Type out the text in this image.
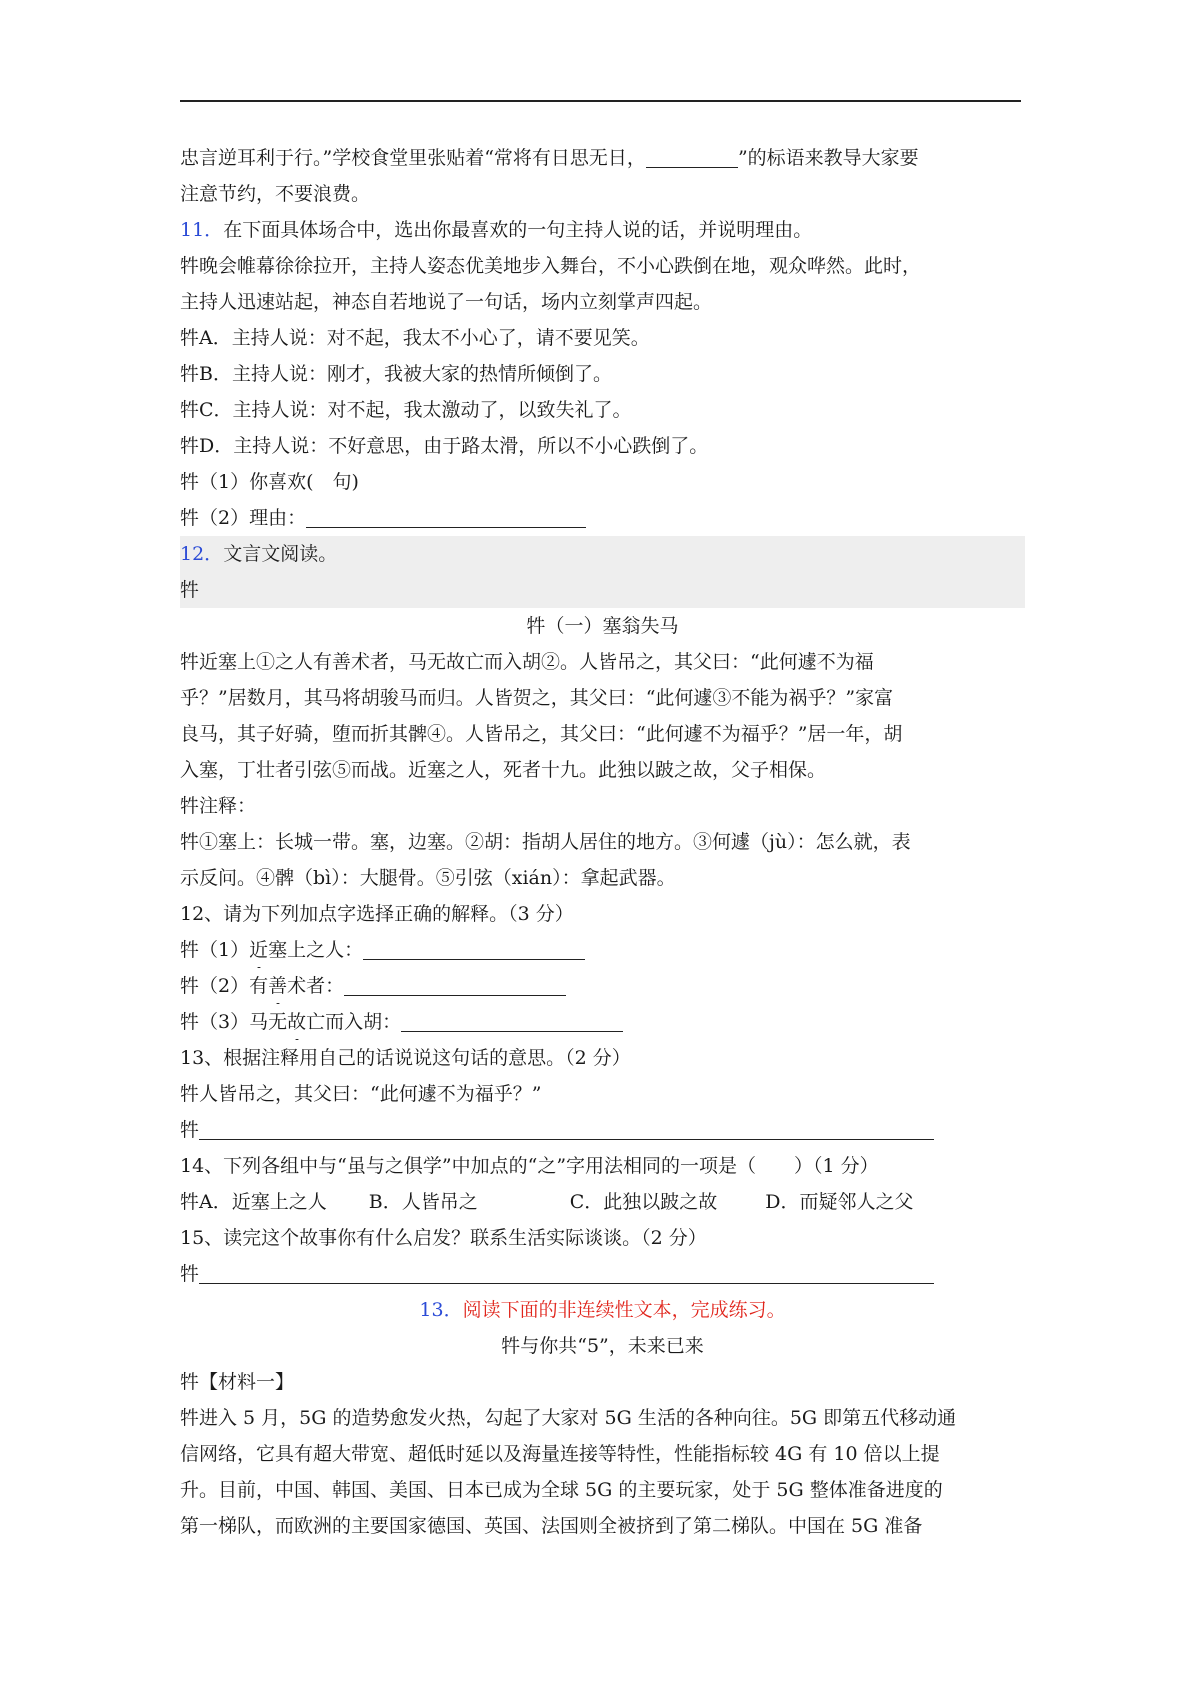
忠言逆耳利于行。”学校食堂里张贴着“常将有日思无日，	”的标语来教导大家要
注意节约，不要浪费。
11．在下面具体场合中，选出你最喜欢的一句主持人说的话，并说明理由。
牪晚会帷幕徐徐拉开，主持人姿态优美地步入舞台，不小心跌倒在地，观众哗然。此时，
主持人迅速站起，神态自若地说了一句话，场内立刻掌声四起。
牪A．主持人说：对不起，我太不小心了，请不要见笑。
牪B．主持人说：刚才，我被大家的热情所倾倒了。
牪C．主持人说：对不起，我太激动了，以致失礼了。
牪D．主持人说：不好意思，由于路太滑，所以不小心跌倒了。
牪（1）你喜欢(　句)
牪（2）理由：
12．文言文阅读。
牪
牪（一）塞翁失马
牪近塞上①之人有善术者，马无故亡而入胡②。人皆吊之，其父曰：“此何遽不为福
乎？”居数月，其马将胡骏马而归。人皆贺之，其父曰：“此何遽③不能为祸乎？”家富
良马，其子好骑，堕而折其髀④。人皆吊之，其父曰：“此何遽不为福乎？”居一年，胡
入塞，丁壮者引弦⑤而战。近塞之人，死者十九。此独以跛之故，父子相保。
牪注释：
牪①塞上：长城一带。塞，边塞。②胡：指胡人居住的地方。③何遽（jù）：怎么就，表
示反问。④髀（bì）：大腿骨。⑤引弦（xián）：拿起武器。
12、请为下列加点字选择正确的解释。（3 分）
牪（1）近塞上之人：
牪（2）有善术者：
牪（3）马无故亡而入胡：
13、根据注释用自己的话说说这句话的意思。（2 分）
牪人皆吊之，其父曰：“此何遽不为福乎？”
牪
14、下列各组中与“虽与之俱学”中加点的“之”字用法相同的一项是（　　）（1 分）
牪A．近塞上之人 B．人皆吊之	C．此独以跛之故	D．而疑邻人之父
15、读完这个故事你有什么启发？联系生活实际谈谈。（2 分）
牪
13．阅读下面的非连续性文本，完成练习。
牪与你共“5”，未来已来
牪【材料一】
牪进入 5 月，5G 的造势愈发火热，勾起了大家对 5G 生活的各种向往。5G 即第五代移动通
信网络，它具有超大带宽、超低时延以及海量连接等特性，性能指标较 4G 有 10 倍以上提
升。目前，中国、韩国、美国、日本已成为全球 5G 的主要玩家，处于 5G 整体准备进度的
第一梯队，而欧洲的主要国家德国、英国、法国则全被挤到了第二梯队。中国在 5G 准备
